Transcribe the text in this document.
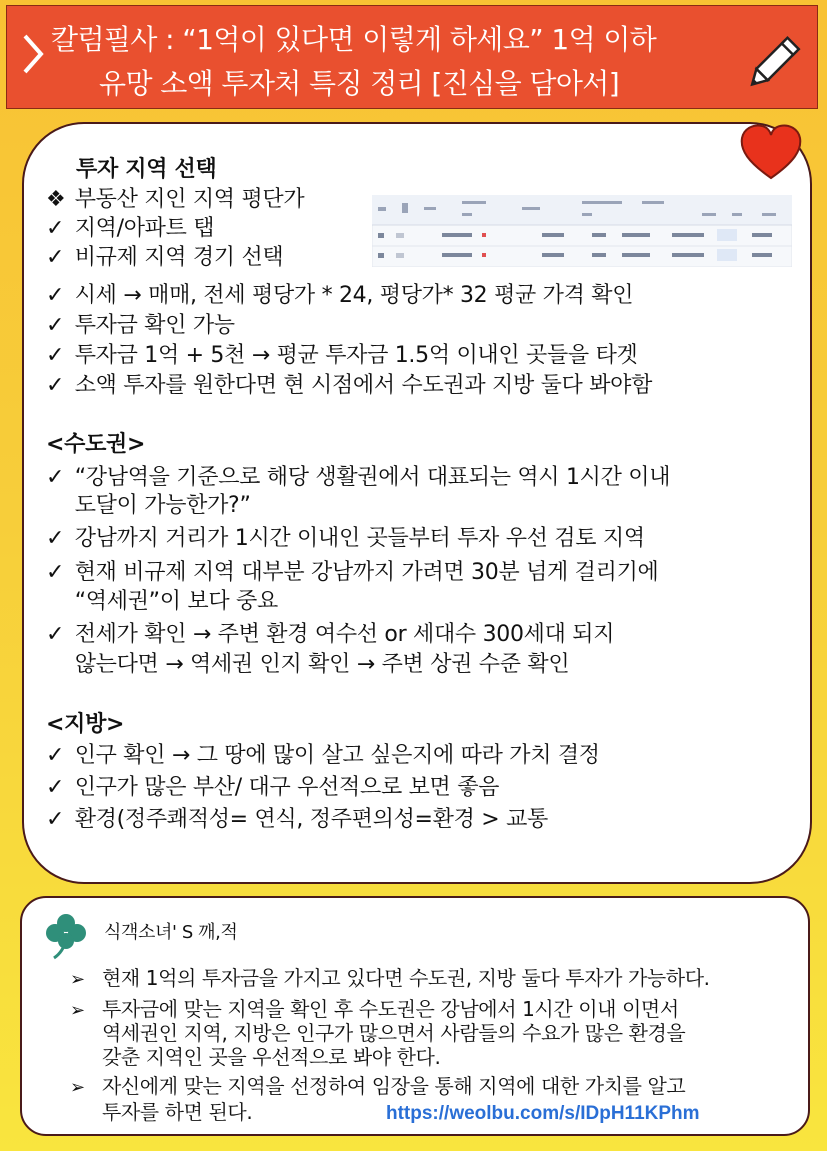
칼럼필사 : “1억이 있다면 이렇게 하세요” 1억 이하
유망 소액 투자처 특징 정리 [진심을 담아서]
투자 지역 선택
❖ 부동산 지인 지역 평단가
✓ 지역/아파트 탭
✓ 비규제 지역 경기 선택
✓ 시세 → 매매, 전세 평당가 * 24, 평당가* 32 평균 가격 확인
✓ 투자금 확인 가능
✓ 투자금 1억 + 5천 → 평균 투자금 1.5억 이내인 곳들을 타겟
✓ 소액 투자를 원한다면 현 시점에서 수도권과 지방 둘다 봐야함
<수도권>
✓ “강남역을 기준으로 해당 생활권에서 대표되는 역시 1시간 이내
도달이 가능한가?”
✓ 강남까지 거리가 1시간 이내인 곳들부터 투자 우선 검토 지역
✓ 현재 비규제 지역 대부분 강남까지 가려면 30분 넘게 걸리기에
“역세권”이 보다 중요
✓ 전세가 확인 → 주변 환경 여수선 or 세대수 300세대 되지
않는다면 → 역세권 인지 확인 → 주변 상권 수준 확인
<지방>
✓ 인구 확인 → 그 땅에 많이 살고 싶은지에 따라 가치 결정
✓ 인구가 많은 부산/ 대구 우선적으로 보면 좋음
✓ 환경(정주쾌적성= 연식, 정주편의성=환경 > 교통
식객소녀' S 깨,적
➢ 현재 1억의 투자금을 가지고 있다면 수도권, 지방 둘다 투자가 가능하다.
➢ 투자금에 맞는 지역을 확인 후 수도권은 강남에서 1시간 이내 이면서
역세권인 지역, 지방은 인구가 많으면서 사람들의 수요가 많은 환경을
갖춘 지역인 곳을 우선적으로 봐야 한다.
➢ 자신에게 맞는 지역을 선정하여 임장을 통해 지역에 대한 가치를 알고
투자를 하면 된다.	https://weolbu.com/s/IDpH11KPhm
